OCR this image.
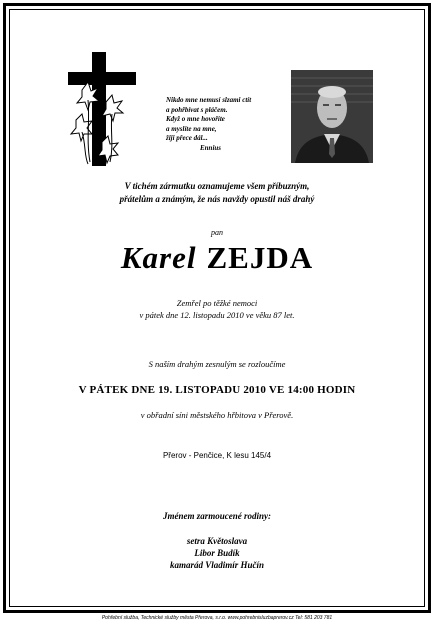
Nikdo mne nemusí slzami ctít
a pohřbívat s pláčem.
Když o mne hovoříte
a myslíte na mne,
žiji přece dál...
Ennius
V tichém zármutku oznamujeme všem příbuzným,
přátelům a známým, že nás navždy opustil náš drahý
pan
Karel ZEJDA
Zemřel po těžké nemoci
v pátek dne 12. listopadu 2010 ve věku 87 let.
S naším drahým zesnulým se rozloučíme
V PÁTEK DNE 19. LISTOPADU 2010 VE 14:00 HODIN
v obřadní síni městského hřbitova v Přerově.
Přerov - Penčice, K lesu 145/4
Jménem zarmoucené rodiny:
setra Květoslava
Libor Budík
kamarád Vladimír Hučín
Pohřební služba, Technické služby města Přerova, s.r.o. www.pohrebnisluzbaprerov.cz Tel: 581 203 781
